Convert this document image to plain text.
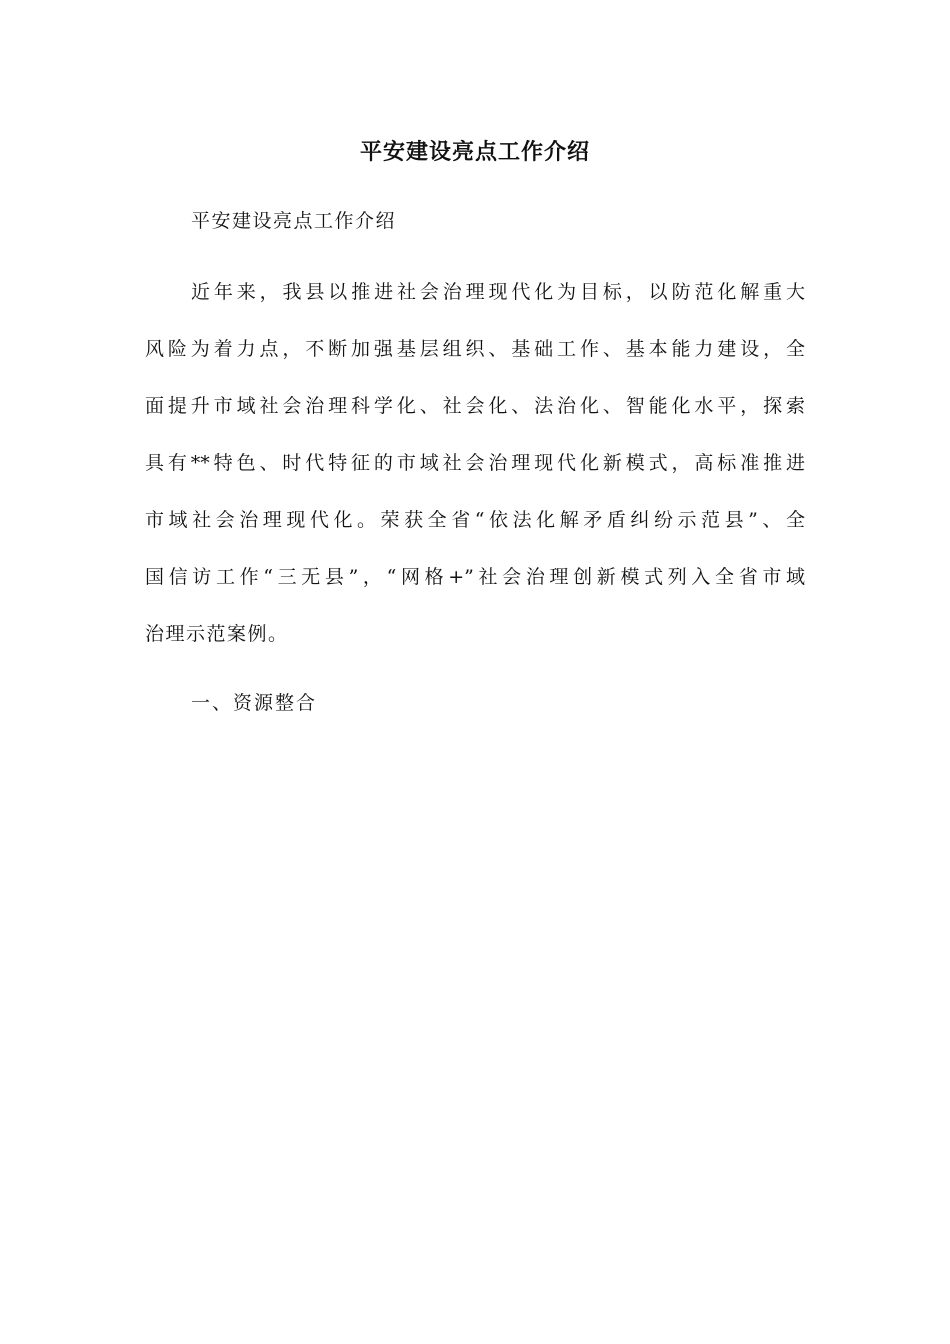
平安建设亮点工作介绍
平安建设亮点工作介绍
近年来，我县以推进社会治理现代化为目标，以防范化解重大
风险为着力点，不断加强基层组织、基础工作、基本能力建设，全
面提升市域社会治理科学化、社会化、法治化、智能化水平，探索
具有**特色、时代特征的市域社会治理现代化新模式，高标准推进
市域社会治理现代化。荣获全省“依法化解矛盾纠纷示范县”、全
国信访工作“三无县”，“网格+”社会治理创新模式列入全省市域
治理示范案例。
一、资源整合
